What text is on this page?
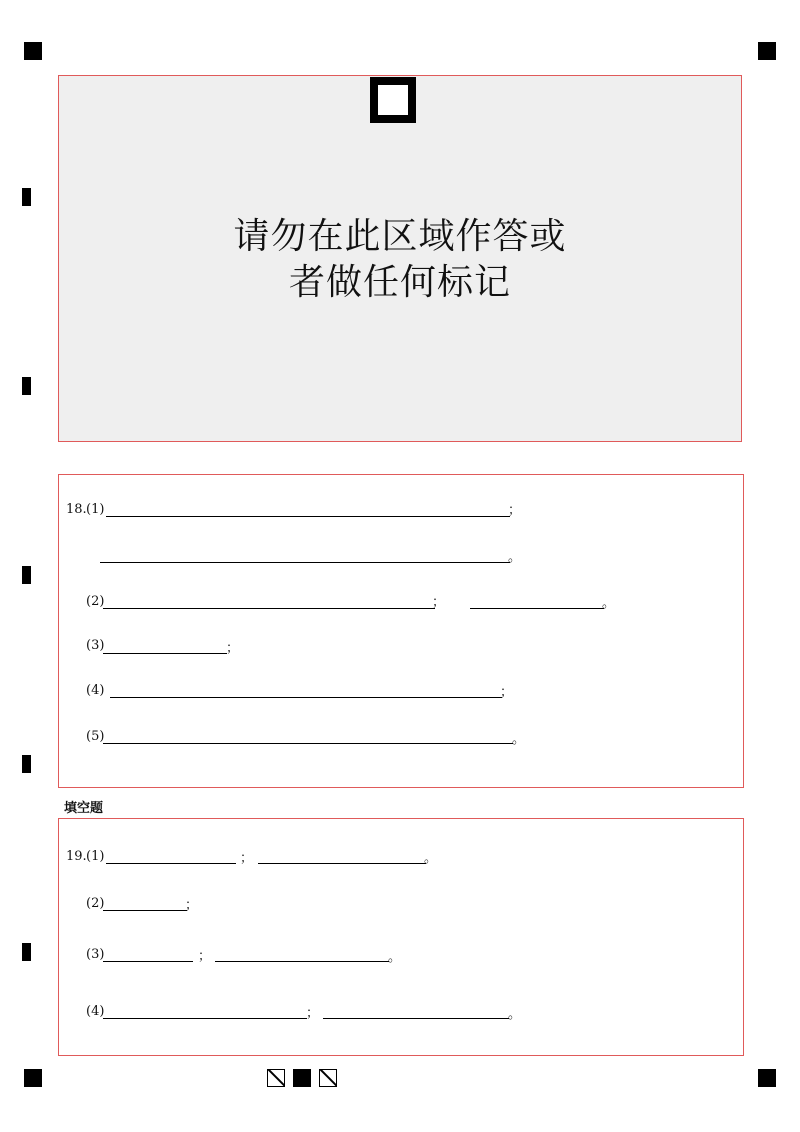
请勿在此区域作答或
者做任何标记
18. (1)	；
。
(2)	；	。
(3)	；
(4)	；
(5)	。
填空题
19. (1)	；	。
(2)	；
(3)	；	。
(4)	；	。
